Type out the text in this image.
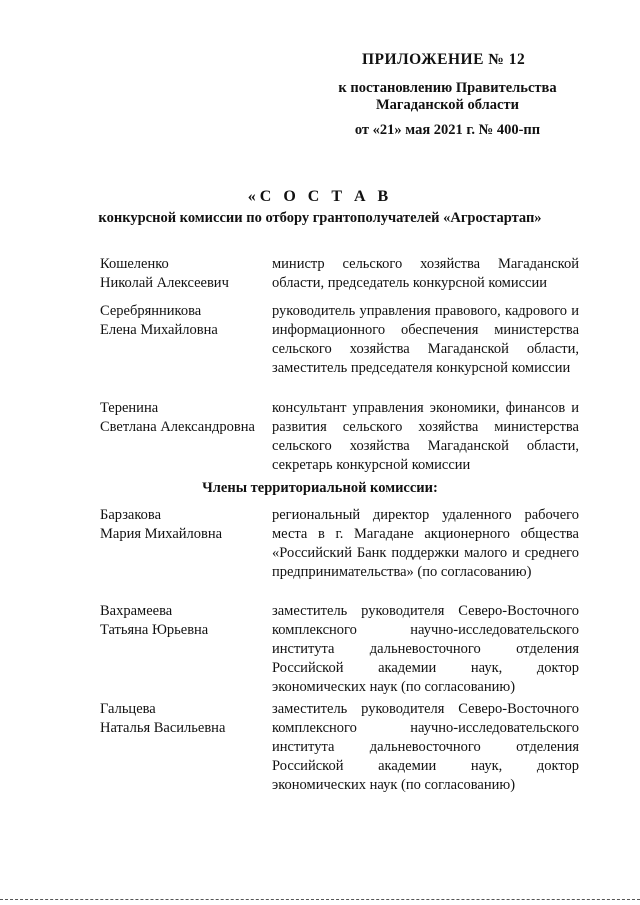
ПРИЛОЖЕНИЕ № 12
к постановлению Правительства Магаданской области
от «21» мая 2021 г. № 400-пп
«С О С Т А В
конкурсной комиссии по отбору грантополучателей «Агростартап»
Кошеленко
Николай Алексеевич
министр сельского хозяйства Магаданской области, председатель конкурсной комиссии
Серебрянникова
Елена Михайловна
руководитель управления правового, кадрового и информационного обеспечения министерства сельского хозяйства Магаданской области, заместитель председателя конкурсной комиссии
Теренина
Светлана Александровна
консультант управления экономики, финансов и развития сельского хозяйства министерства сельского хозяйства Магаданской области, секретарь конкурсной комиссии
Члены территориальной комиссии:
Барзакова
Мария Михайловна
региональный директор удаленного рабочего места в г. Магадане акционерного общества «Российский Банк поддержки малого и среднего предпринимательства» (по согласованию)
Вахрамеева
Татьяна Юрьевна
заместитель руководителя Северо-Восточного комплексного научно-исследовательского института дальневосточного отделения Российской академии наук, доктор экономических наук (по согласованию)
Гальцева
Наталья Васильевна
заместитель руководителя Северо-Восточного комплексного научно-исследовательского института дальневосточного отделения Российской академии наук, доктор экономических наук (по согласованию)
